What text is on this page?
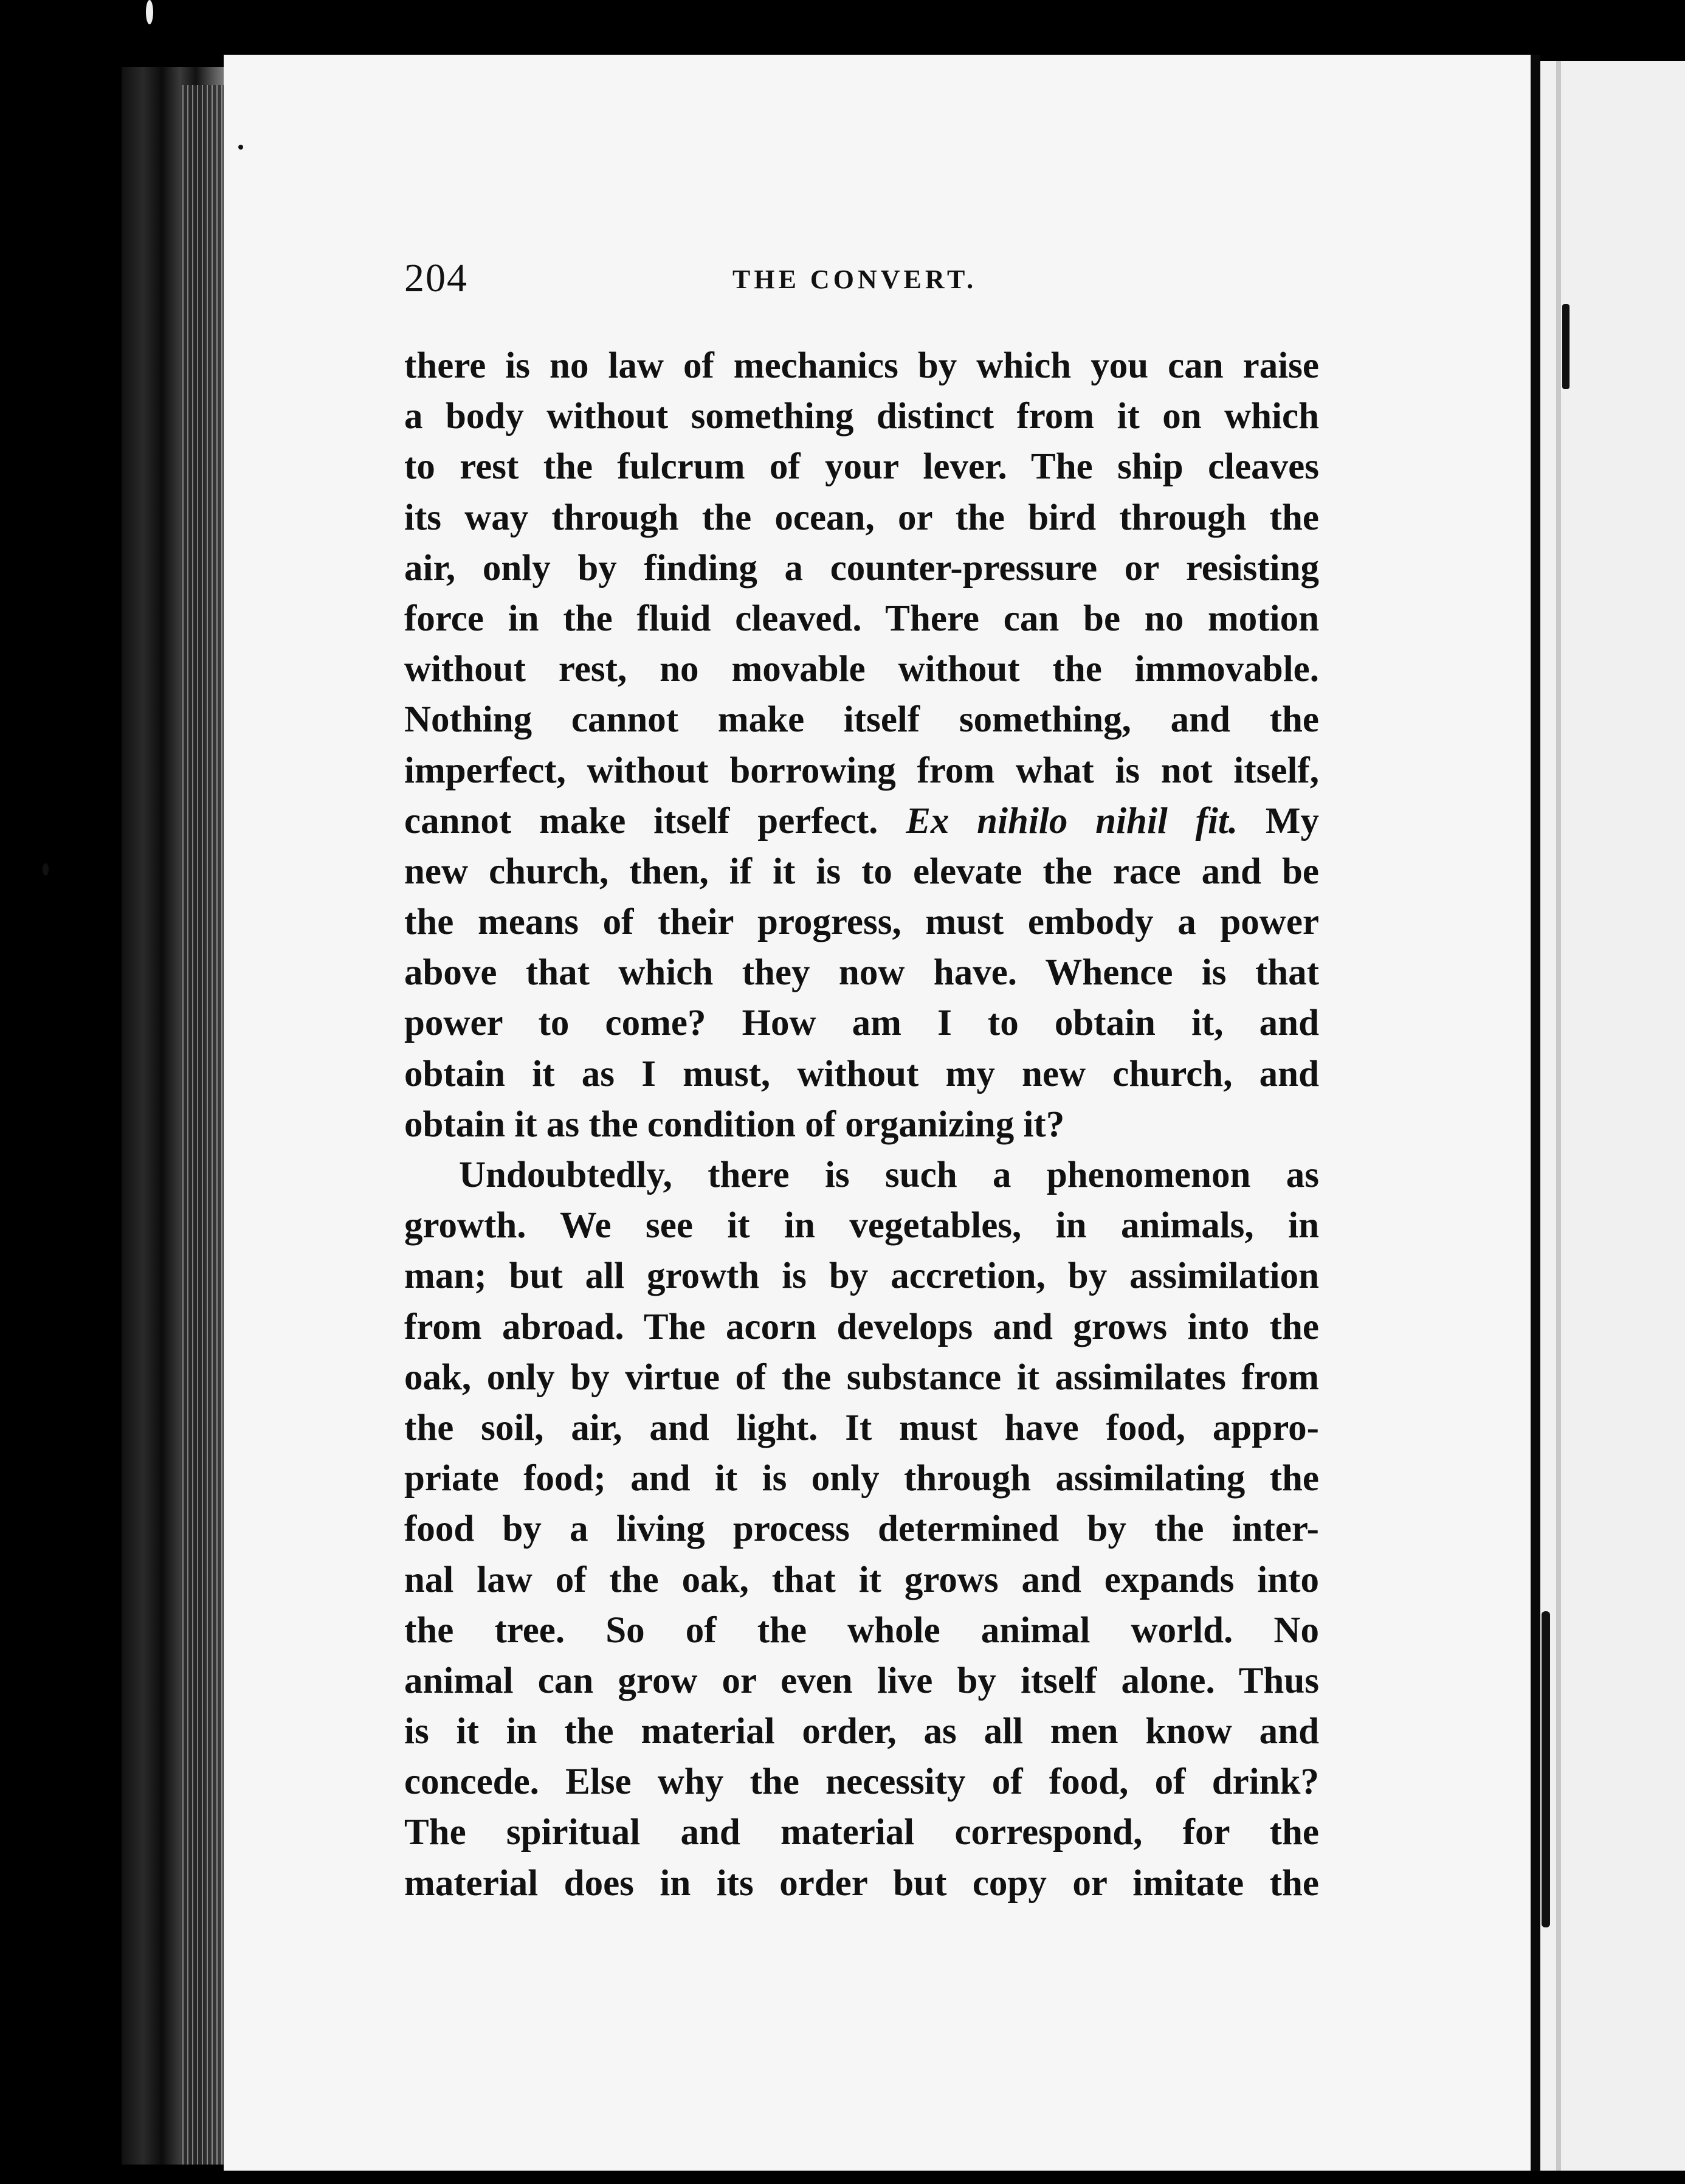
204	THE CONVERT.
there is no law of mechanics by which you can raise
a body without something distinct from it on which
to rest the fulcrum of your lever. The ship cleaves
its way through the ocean, or the bird through the
air, only by finding a counter-pressure or resisting
force in the fluid cleaved. There can be no motion
without rest, no movable without the immovable.
Nothing cannot make itself something, and the
imperfect, without borrowing from what is not itself,
cannot make itself perfect. Ex nihilo nihil fit. My
new church, then, if it is to elevate the race and be
the means of their progress, must embody a power
above that which they now have. Whence is that
power to come? How am I to obtain it, and
obtain it as I must, without my new church, and
obtain it as the condition of organizing it?
Undoubtedly, there is such a phenomenon as
growth. We see it in vegetables, in animals, in
man; but all growth is by accretion, by assimilation
from abroad. The acorn develops and grows into the
oak, only by virtue of the substance it assimilates from
the soil, air, and light. It must have food, appro-
priate food; and it is only through assimilating the
food by a living process determined by the inter-
nal law of the oak, that it grows and expands into
the tree. So of the whole animal world. No
animal can grow or even live by itself alone. Thus
is it in the material order, as all men know and
concede. Else why the necessity of food, of drink?
The spiritual and material correspond, for the
material does in its order but copy or imitate the
